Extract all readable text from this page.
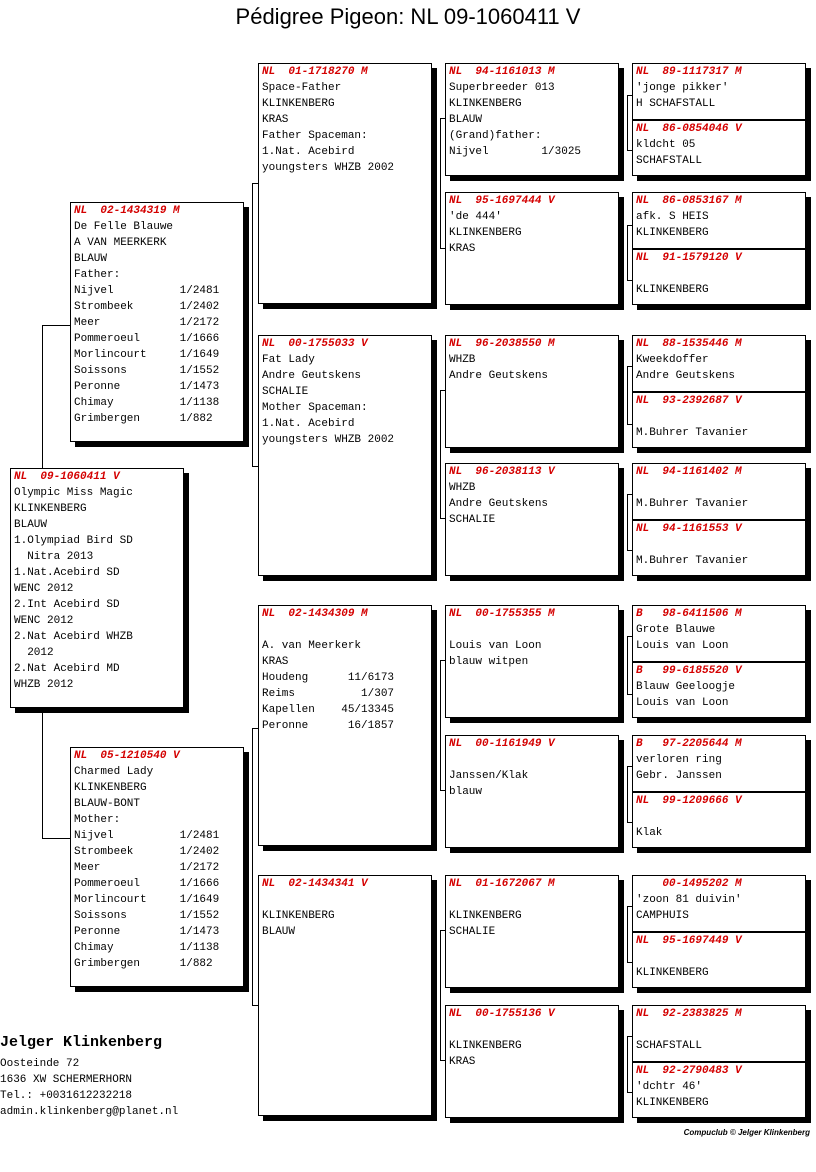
Pédigree Pigeon: NL 09-1060411 V
NL  09-1060411 V
Olympic Miss Magic
KLINKENBERG
BLAUW
1.Olympiad Bird SD
Nitra 2013
1.Nat.Acebird SD
WENC 2012
2.Int Acebird SD
WENC 2012
2.Nat Acebird WHZB
2012
2.Nat Acebird MD
WHZB 2012
NL  02-1434319 M
De Felle Blauwe
A VAN MEERKERK
BLAUW
Father:
Nijvel          1/2481
Strombeek       1/2402
Meer            1/2172
Pommeroeul      1/1666
Morlincourt     1/1649
Soissons        1/1552
Peronne         1/1473
Chimay          1/1138
Grimbergen      1/882
NL  05-1210540 V
Charmed Lady
KLINKENBERG
BLAUW-BONT
Mother:
Nijvel          1/2481
Strombeek       1/2402
Meer            1/2172
Pommeroeul      1/1666
Morlincourt     1/1649
Soissons        1/1552
Peronne         1/1473
Chimay          1/1138
Grimbergen      1/882
NL  01-1718270 M
Space-Father
KLINKENBERG
KRAS
Father Spaceman:
1.Nat. Acebird
youngsters WHZB 2002
NL  00-1755033 V
Fat Lady
Andre Geutskens
SCHALIE
Mother Spaceman:
1.Nat. Acebird
youngsters WHZB 2002
NL  02-1434309 M
A. van Meerkerk
KRAS
Houdeng      11/6173
Reims          1/307
Kapellen    45/13345
Peronne      16/1857
NL  02-1434341 V
KLINKENBERG
BLAUW
NL  94-1161013 M
Superbreeder 013
KLINKENBERG
BLAUW
(Grand)father:
Nijvel        1/3025
NL  95-1697444 V
'de 444'
KLINKENBERG
KRAS
NL  96-2038550 M
WHZB
Andre Geutskens
NL  96-2038113 V
WHZB
Andre Geutskens
SCHALIE
NL  00-1755355 M
Louis van Loon
blauw witpen
NL  00-1161949 V
Janssen/Klak
blauw
NL  01-1672067 M
KLINKENBERG
SCHALIE
NL  00-1755136 V
KLINKENBERG
KRAS
NL  89-1117317 M
'jonge pikker'
H SCHAFSTALL
NL  86-0854046 V
kldcht 05
SCHAFSTALL
NL  86-0853167 M
afk. S HEIS
KLINKENBERG
NL  91-1579120 V
KLINKENBERG
NL  88-1535446 M
Kweekdoffer
Andre Geutskens
NL  93-2392687 V
M.Buhrer Tavanier
NL  94-1161402 M
M.Buhrer Tavanier
NL  94-1161553 V
M.Buhrer Tavanier
B   98-6411506 M
Grote Blauwe
Louis van Loon
B   99-6185520 V
Blauw Geeloogje
Louis van Loon
B   97-2205644 M
verloren ring
Gebr. Janssen
NL  99-1209666 V
Klak
00-1495202 M
'zoon 81 duivin'
CAMPHUIS
NL  95-1697449 V
KLINKENBERG
NL  92-2383825 M
SCHAFSTALL
NL  92-2790483 V
'dchtr 46'
KLINKENBERG
Jelger Klinkenberg
Oosteinde 72
1636 XW SCHERMERHORN
Tel.: +0031612232218
admin.klinkenberg@planet.nl
Compuclub © Jelger Klinkenberg
